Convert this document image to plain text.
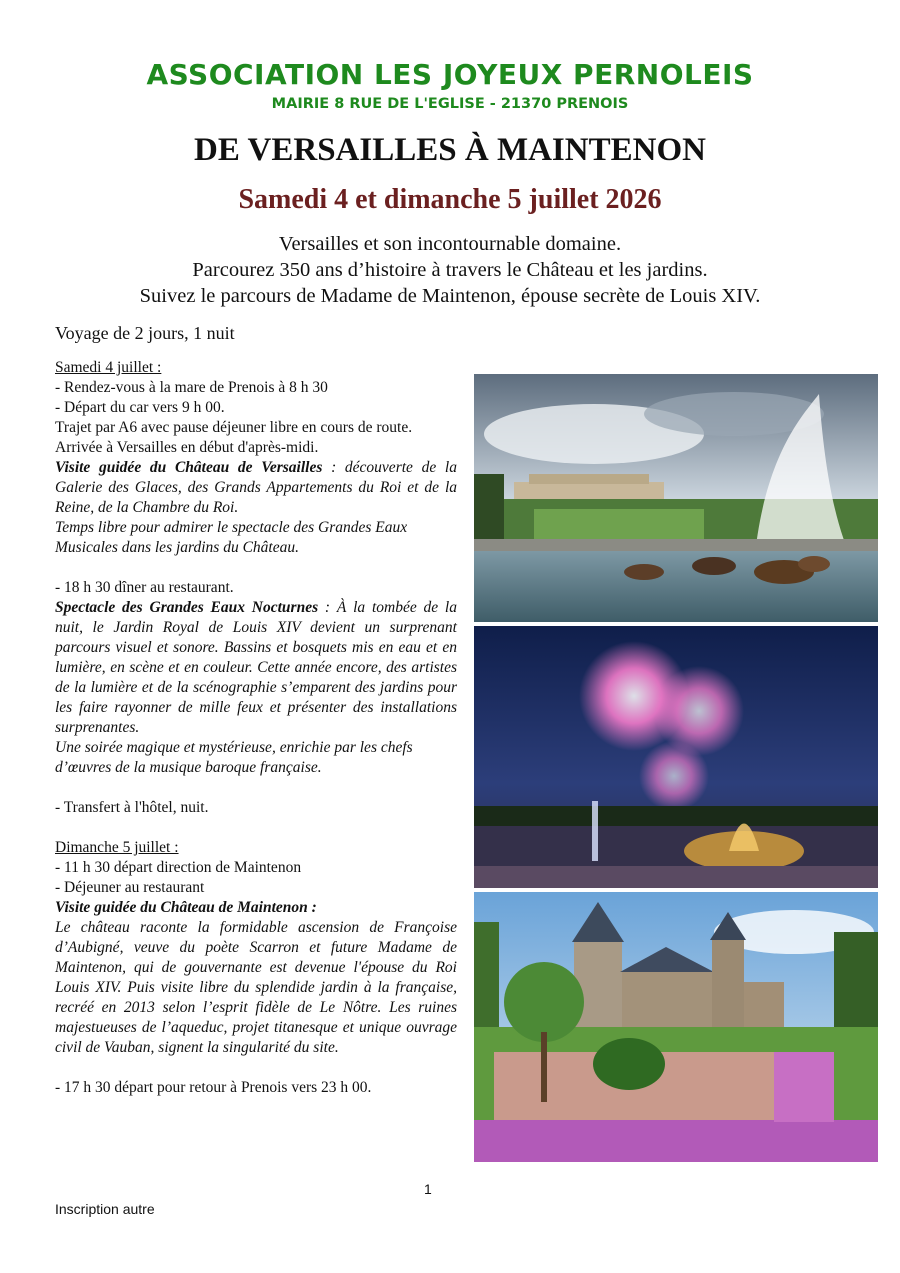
ASSOCIATION LES JOYEUX PERNOLEIS
MAIRIE 8 RUE DE L'EGLISE - 21370 PRENOIS
DE VERSAILLES À MAINTENON
Samedi 4 et dimanche 5 juillet 2026
Versailles et son incontournable domaine.
Parcourez 350 ans d’histoire à travers le Château et les jardins.
Suivez le parcours de Madame de Maintenon, épouse secrète de Louis XIV.
Voyage de 2 jours, 1 nuit

Samedi 4 juillet :

- Rendez-vous à la mare de Prenois à 8 h 30

- Départ du car vers 9 h 00.

Trajet par A6 avec pause déjeuner libre en cours de route.

Arrivée à Versailles en début d'après-midi.

Visite guidée du Château de Versailles : découverte de la Galerie des Glaces, des Grands Appartements du Roi et de la Reine, de la Chambre du Roi.

Temps libre pour admirer le spectacle des Grandes Eaux Musicales dans les jardins du Château.

- 18 h 30 dîner au restaurant.

Spectacle des Grandes Eaux Nocturnes : À la tombée de la nuit, le Jardin Royal de Louis XIV devient un surprenant parcours visuel et sonore. Bassins et bosquets mis en eau et en lumière, en scène et en couleur. Cette année encore, des artistes de la lumière et de la scénographie s’emparent des jardins pour les faire rayonner de mille feux et présenter des installations surprenantes.

Une soirée magique et mystérieuse, enrichie par les chefs d’œuvres de la musique baroque française.

- Transfert à l'hôtel, nuit.

Dimanche 5 juillet :

- 11 h 30 départ direction de Maintenon

- Déjeuner au restaurant

Visite guidée du Château de Maintenon :

Le château raconte la formidable ascension de Françoise d’Aubigné, veuve du poète Scarron et future Madame de Maintenon, qui de gouvernante est devenue l'épouse du Roi Louis XIV. Puis visite libre du splendide jardin à la française, recréé en 2013 selon l’esprit fidèle de Le Nôtre. Les ruines majestueuses de l’aqueduc, projet titanesque et unique ouvrage civil de Vauban, signent la singularité du site.

- 17 h 30 départ pour retour à Prenois vers 23 h 00.

1
Inscription autre
